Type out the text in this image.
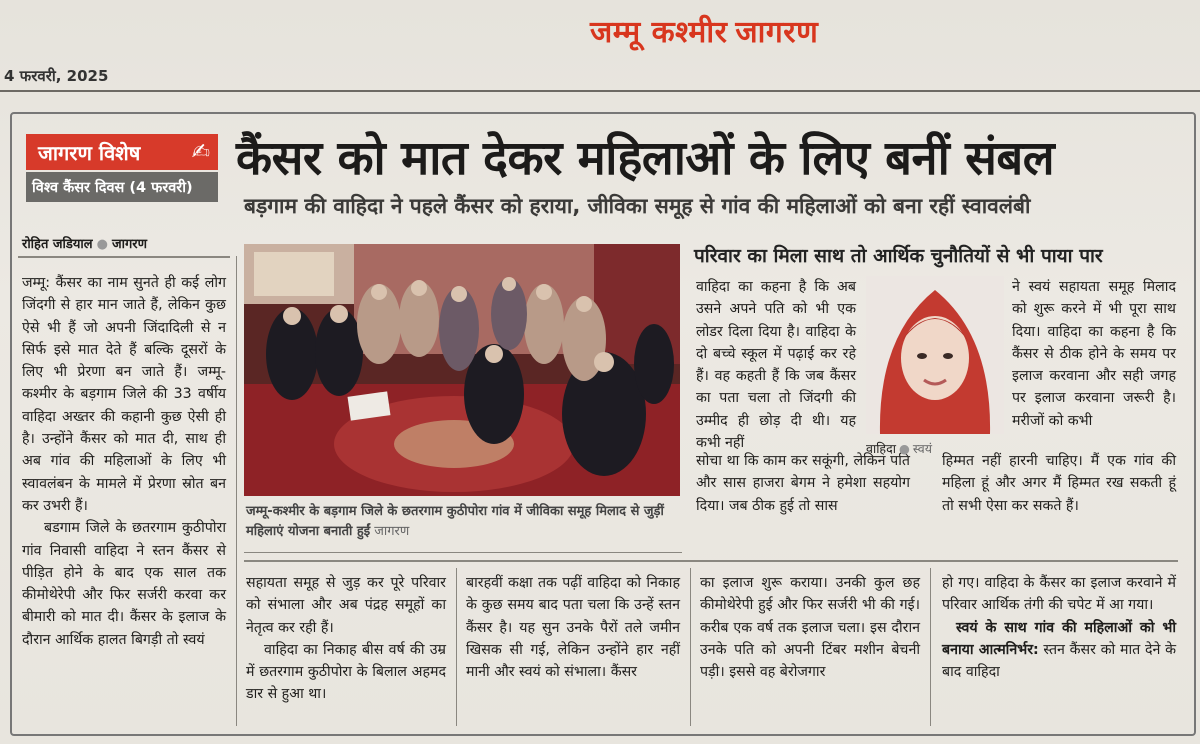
जम्मू कश्मीर जागरण
4 फरवरी, 2025
जागरण विशेष ✍
विश्व कैंसर दिवस (4 फरवरी)
कैंसर को मात देकर महिलाओं के लिए बनीं संबल
बड़गाम की वाहिदा ने पहले कैंसर को हराया, जीविका समूह से गांव की महिलाओं को बना रहीं स्वावलंबी
रोहित जडियाल ● जागरण

जम्मू: कैंसर का नाम सुनते ही कई लोग जिंदगी से हार मान जाते हैं, लेकिन कुछ ऐसे भी हैं जो अपनी जिंदादिली से न सिर्फ इसे मात देते हैं बल्कि दूसरों के लिए भी प्रेरणा बन जाते हैं। जम्मू-कश्मीर के बड़गाम जिले की 33 वर्षीय वाहिदा अख्तर की कहानी कुछ ऐसी ही है। उन्होंने कैंसर को मात दी, साथ ही अब गांव की महिलाओं के लिए भी स्वावलंबन के मामले में प्रेरणा स्रोत बन कर उभरी हैं।

बडगाम जिले के छतरगाम कुठीपोरा गांव निवासी वाहिदा ने स्तन कैंसर से पीड़ित होने के बाद एक साल तक कीमोथेरेपी और फिर सर्जरी करवा कर बीमारी को मात दी। कैंसर के इलाज के दौरान आर्थिक हालत बिगड़ी तो स्वयं

जम्मू-कश्मीर के बड़गाम जिले के छतरगाम कुठीपोरा गांव में जीविका समूह मिलाद से जुड़ीं महिलाएं योजना बनाती हुईं जागरण
परिवार का मिला साथ तो आर्थिक चुनौतियों से भी पाया पार

वाहिदा का कहना है कि अब उसने अपने पति को भी एक लोडर दिला दिया है। वाहिदा के दो बच्चे स्कूल में पढ़ाई कर रहे हैं। वह कहती हैं कि जब कैंसर का पता चला तो जिंदगी की उम्मीद ही छोड़ दी थी। यह कभी नहीं

सोचा था कि काम कर सकूंगी, लेकिन पति और सास हाजरा बेगम ने हमेशा सहयोग दिया। जब ठीक हुई तो सास

वाहिदा ● स्वयं

ने स्वयं सहायता समूह मिलाद को शुरू करने में भी पूरा साथ दिया। वाहिदा का कहना है कि कैंसर से ठीक होने के समय पर इलाज करवाना और सही जगह पर इलाज करवाना जरूरी है। मरीजों को कभी

हिम्मत नहीं हारनी चाहिए। मैं एक गांव की महिला हूं और अगर मैं हिम्मत रख सकती हूं तो सभी ऐसा कर सकते हैं।

सहायता समूह से जुड़ कर पूरे परिवार को संभाला और अब पंद्रह समूहों का नेतृत्व कर रही हैं।

वाहिदा का निकाह बीस वर्ष की उम्र में छतरगाम कुठीपोरा के बिलाल अहमद डार से हुआ था।

बारहवीं कक्षा तक पढ़ीं वाहिदा को निकाह के कुछ समय बाद पता चला कि उन्हें स्तन कैंसर है। यह सुन उनके पैरों तले जमीन खिसक सी गई, लेकिन उन्होंने हार नहीं मानी और स्वयं को संभाला। कैंसर

का इलाज शुरू कराया। उनकी कुल छह कीमोथेरेपी हुई और फिर सर्जरी भी की गई। करीब एक वर्ष तक इलाज चला। इस दौरान उनके पति को अपनी टिंबर मशीन बेचनी पड़ी। इससे वह बेरोजगार

हो गए। वाहिदा के कैंसर का इलाज करवाने में परिवार आर्थिक तंगी की चपेट में आ गया।

स्वयं के साथ गांव की महिलाओं को भी बनाया आत्मनिर्भर: स्तन कैंसर को मात देने के बाद वाहिदा
